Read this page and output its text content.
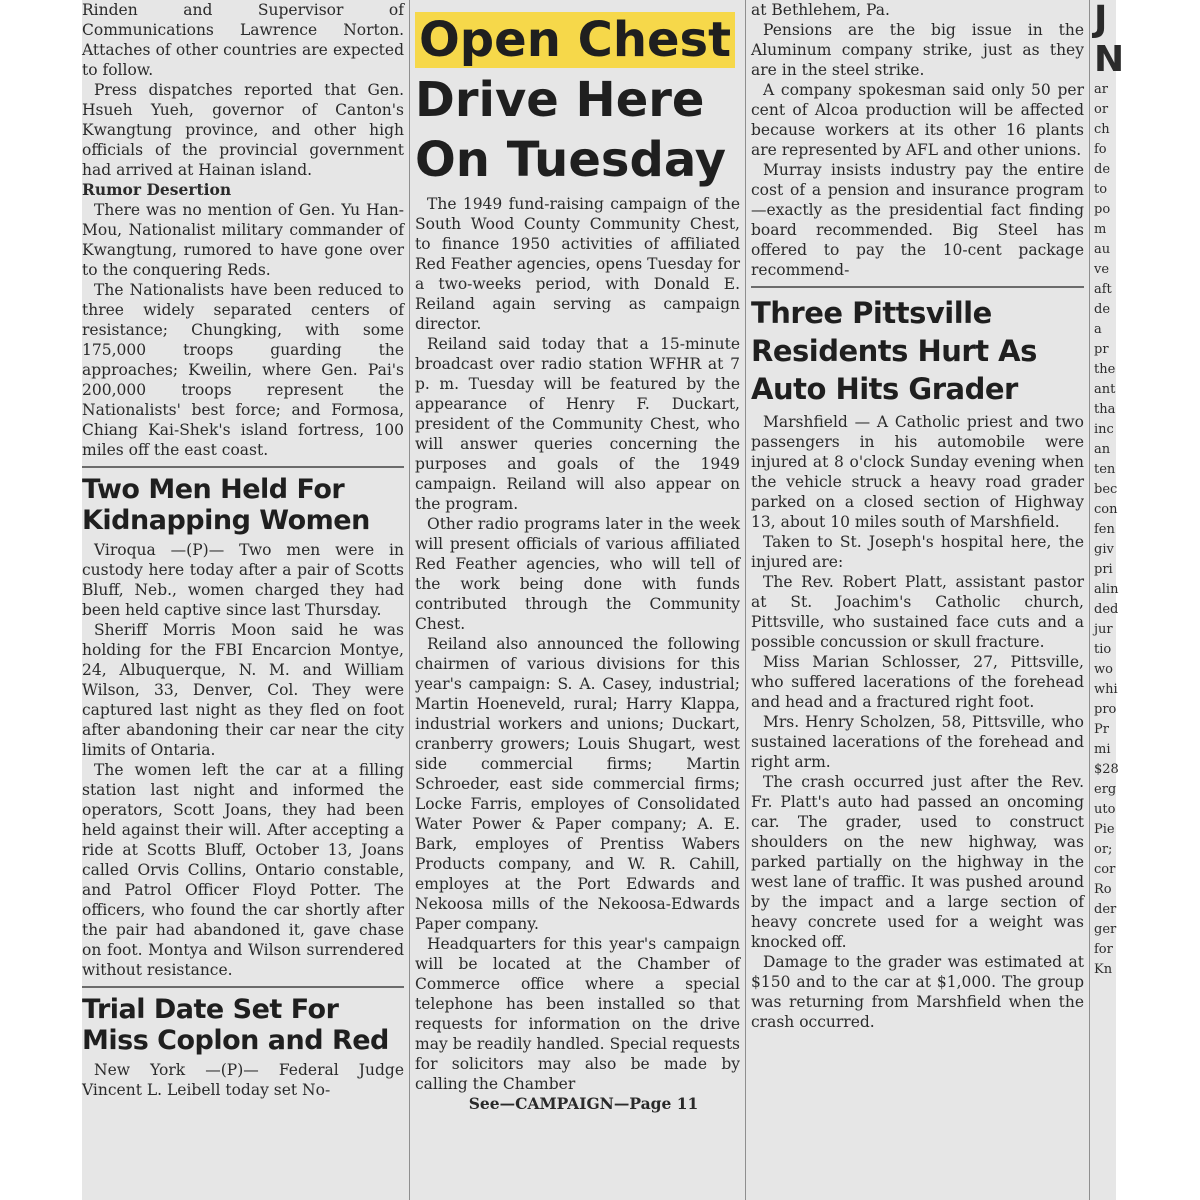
Rinden and Supervisor of Communications Lawrence Norton. Attaches of other countries are expected to follow.

Press dispatches reported that Gen. Hsueh Yueh, governor of Canton's Kwangtung province, and other high officials of the provincial government had arrived at Hainan island.

Rumor Desertion

There was no mention of Gen. Yu Han-Mou, Nationalist military commander of Kwangtung, rumored to have gone over to the conquering Reds.

The Nationalists have been reduced to three widely separated centers of resistance; Chungking, with some 175,000 troops guarding the approaches; Kweilin, where Gen. Pai's 200,000 troops represent the Nationalists' best force; and Formosa, Chiang Kai-Shek's island fortress, 100 miles off the east coast.

Two Men Held For Kidnapping Women

Viroqua —(P)— Two men were in custody here today after a pair of Scotts Bluff, Neb., women charged they had been held captive since last Thursday.

Sheriff Morris Moon said he was holding for the FBI Encarcion Montye, 24, Albuquerque, N. M. and William Wilson, 33, Denver, Col. They were captured last night as they fled on foot after abandoning their car near the city limits of Ontaria.

The women left the car at a filling station last night and informed the operators, Scott Joans, they had been held against their will. After accepting a ride at Scotts Bluff, October 13, Joans called Orvis Collins, Ontario constable, and Patrol Officer Floyd Potter. The officers, who found the car shortly after the pair had abandoned it, gave chase on foot. Montya and Wilson surrendered without resistance.

Trial Date Set For Miss Coplon and Red

New York —(P)— Federal Judge Vincent L. Leibell today set No-

Open Chest
Drive Here
On Tuesday

The 1949 fund-raising campaign of the South Wood County Community Chest, to finance 1950 activities of affiliated Red Feather agencies, opens Tuesday for a two-weeks period, with Donald E. Reiland again serving as campaign director.

Reiland said today that a 15-minute broadcast over radio station WFHR at 7 p. m. Tuesday will be featured by the appearance of Henry F. Duckart, president of the Community Chest, who will answer queries concerning the purposes and goals of the 1949 campaign. Reiland will also appear on the program.

Other radio programs later in the week will present officials of various affiliated Red Feather agencies, who will tell of the work being done with funds contributed through the Community Chest.

Reiland also announced the following chairmen of various divisions for this year's campaign: S. A. Casey, industrial; Martin Hoeneveld, rural; Harry Klappa, industrial workers and unions; Duckart, cranberry growers; Louis Shugart, west side commercial firms; Martin Schroeder, east side commercial firms; Locke Farris, employes of Consolidated Water Power & Paper company; A. E. Bark, employes of Prentiss Wabers Products company, and W. R. Cahill, employes at the Port Edwards and Nekoosa mills of the Nekoosa-Edwards Paper company.

Headquarters for this year's campaign will be located at the Chamber of Commerce office where a special telephone has been installed so that requests for information on the drive may be readily handled. Special requests for solicitors may also be made by calling the Chamber

See—CAMPAIGN—Page 11

at Bethlehem, Pa.

Pensions are the big issue in the Aluminum company strike, just as they are in the steel strike.

A company spokesman said only 50 per cent of Alcoa production will be affected because workers at its other 16 plants are represented by AFL and other unions.

Murray insists industry pay the entire cost of a pension and insurance program—exactly as the presidential fact finding board recommended. Big Steel has offered to pay the 10-cent package recommend-

Three Pittsville Residents Hurt As Auto Hits Grader

Marshfield — A Catholic priest and two passengers in his automobile were injured at 8 o'clock Sunday evening when the vehicle struck a heavy road grader parked on a closed section of Highway 13, about 10 miles south of Marshfield.

Taken to St. Joseph's hospital here, the injured are:

The Rev. Robert Platt, assistant pastor at St. Joachim's Catholic church, Pittsville, who sustained face cuts and a possible concussion or skull fracture.

Miss Marian Schlosser, 27, Pittsville, who suffered lacerations of the forehead and head and a fractured right foot.

Mrs. Henry Scholzen, 58, Pittsville, who sustained lacerations of the forehead and right arm.

The crash occurred just after the Rev. Fr. Platt's auto had passed an oncoming car. The grader, used to construct shoulders on the new highway, was parked partially on the highway in the west lane of traffic. It was pushed around by the impact and a large section of heavy concrete used for a weight was knocked off.

Damage to the grader was estimated at $150 and to the car at $1,000. The group was returning from Marshfield when the crash occurred.

J
N
ar
or
ch
fo
de
to
po
m
au
ve
aft
de
a
pr
the
ant
tha
inc
an
ten
bec
con
fen
giv
pri
alin
ded
jur
tio
wo
whi
pro
Pr
mi
$28
erg
uto
Pie
or;
cor
Ro
der
ger
for
Kn
